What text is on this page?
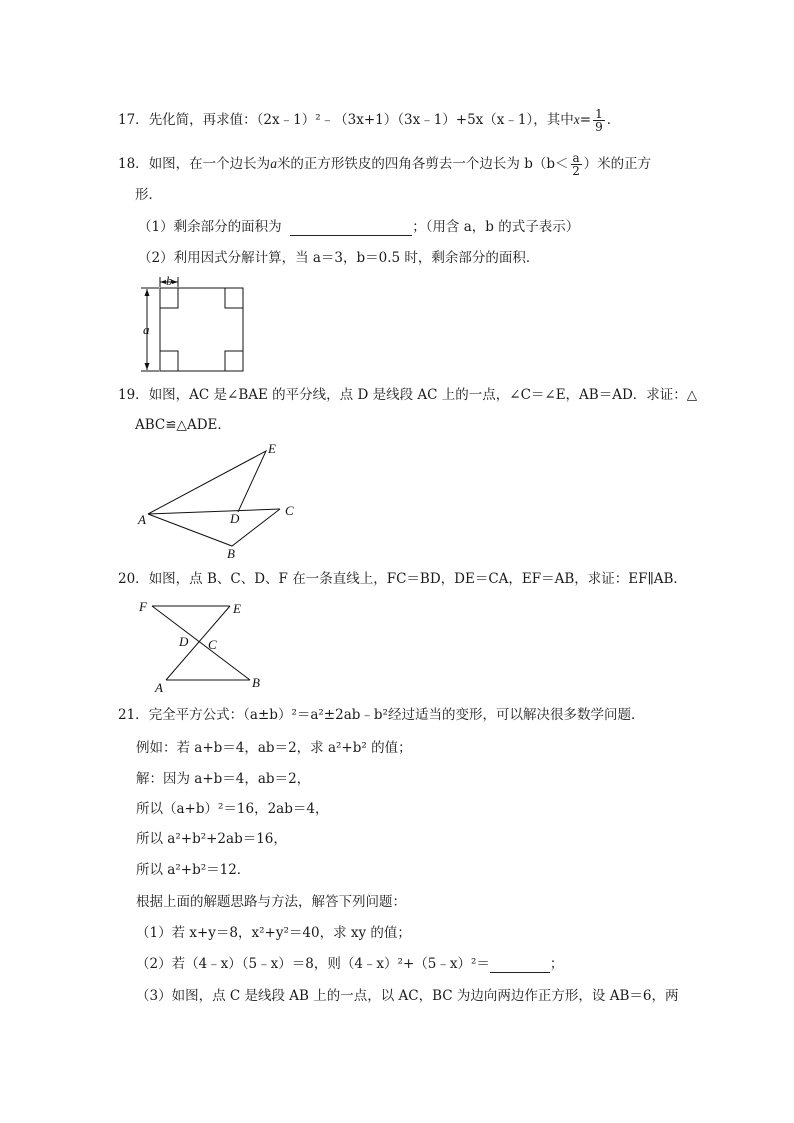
17．先化简，再求值：（2x﹣1）²﹣（3x+1）（3x﹣1）+5x（x﹣1），其中$x= \frac{1}{9}$ ．
18．如图，在一个边长为a米的正方形铁皮的四角各剪去一个边长为 $b(b< \frac{a}{2}$ ）米的正方
形．
（1）剩余部分的面积为	；（用含 a，b 的式子表示）
（2）利用因式分解计算，当 a＝3，b＝0.5 时，剩余部分的面积．
b
a
19．如图，AC 是∠BAE 的平分线，点 D 是线段 AC 上的一点，∠C＝∠E，AB＝AD．求证：△
ABC≌△ADE．
A
E
D
C
B
20．如图，点 B、C、D、F 在一条直线上，FC＝BD，DE＝CA，EF＝AB，求证：EF∥AB．
F	E
D C
A	B
21．完全平方公式：（a±b）²＝a²±2ab﹣b²经过适当的变形，可以解决很多数学问题．
例如：若 a+b＝4，ab＝2，求 a²+b² 的值；
解：因为 a+b＝4，ab＝2，
所以（a+b）²＝16，2ab＝4，
所以 a²+b²+2ab＝16，
所以 a²+b²＝12．
根据上面的解题思路与方法，解答下列问题：
（1）若 x+y＝8，x²+y²＝40，求 xy 的值；
（2）若（4﹣x）（5﹣x）＝8，则（4﹣x）²+（5﹣x）²＝	；
（3）如图，点 C 是线段 AB 上的一点，以 AC，BC 为边向两边作正方形，设 AB＝6，两
